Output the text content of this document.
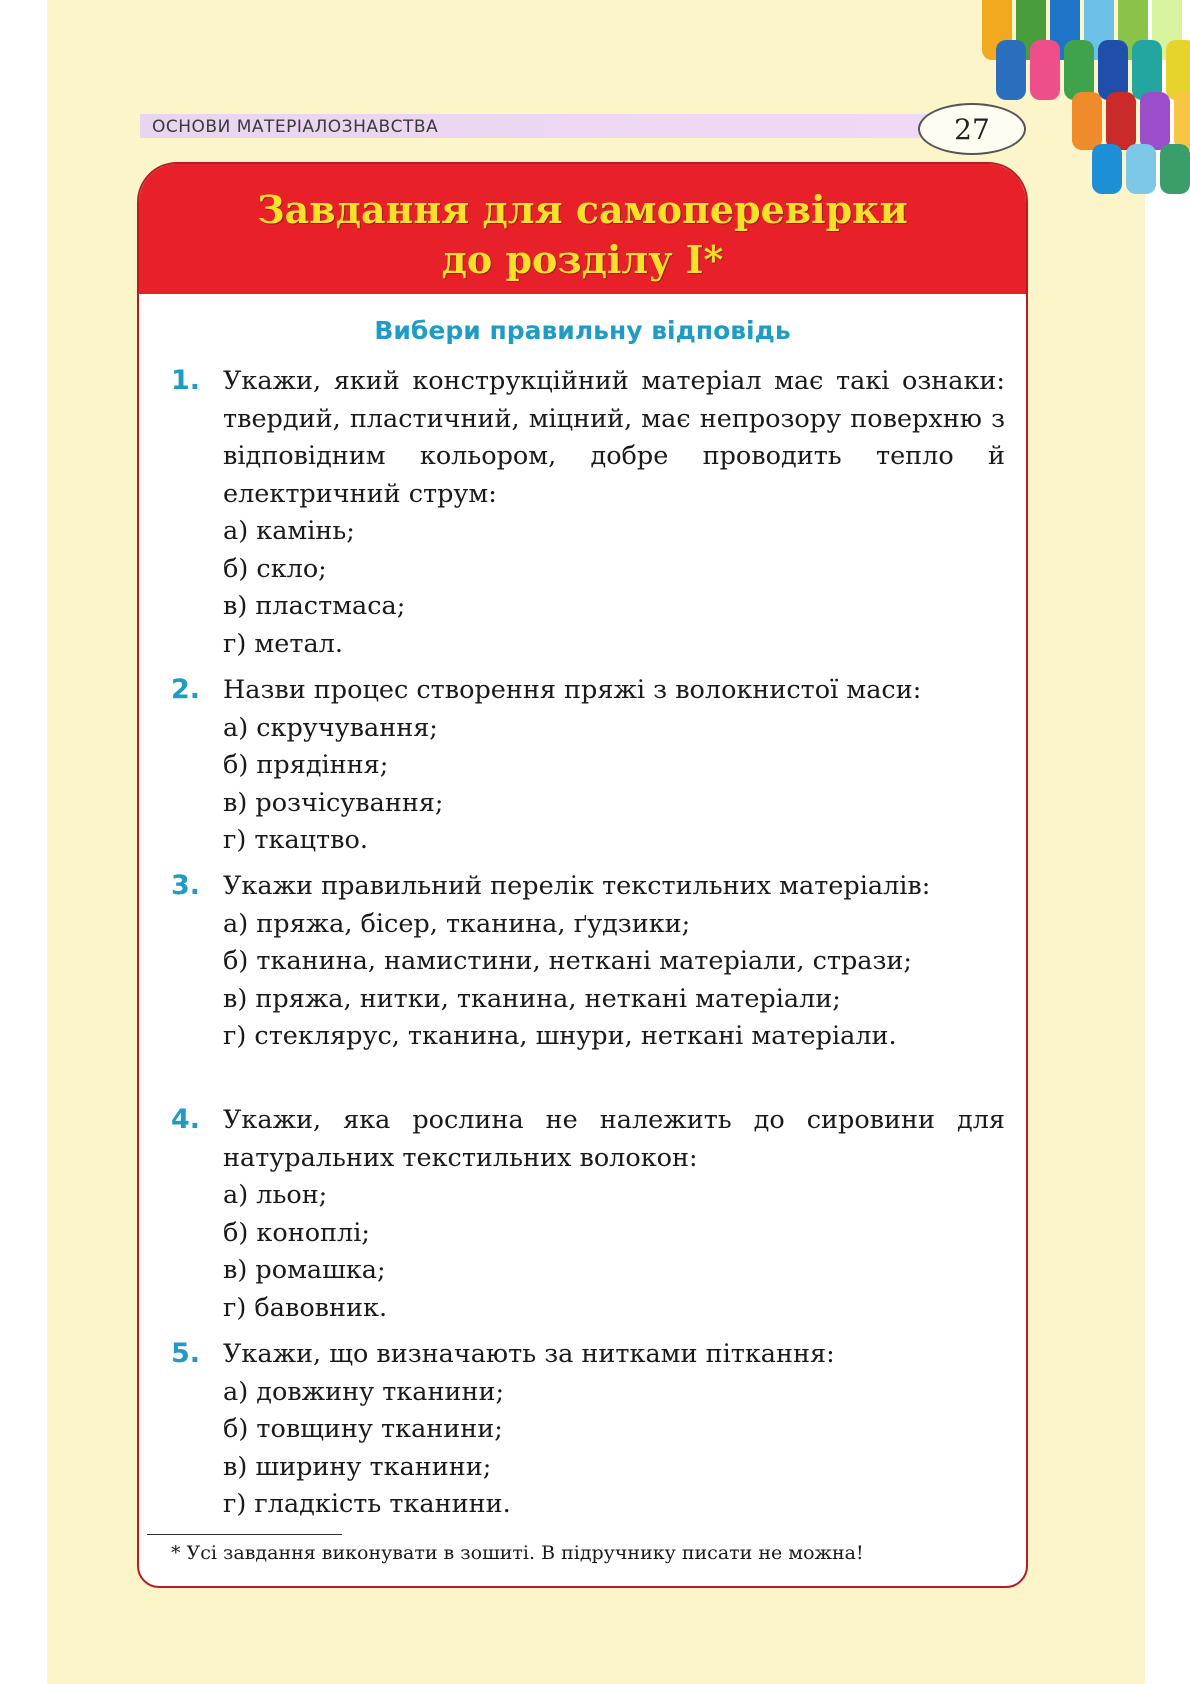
ОСНОВИ МАТЕРІАЛОЗНАВСТВА	27
Завдання для самоперевірки
до розділу І*
Вибери правильну відповідь
1. Укажи, який конструкційний матеріал має такі ознаки: твердий, пластичний, міцний, має непрозору поверхню з відповідним кольором, добре проводить тепло й електричний струм:
а) камінь;
б) скло;
в) пластмаса;
г) метал.
2. Назви процес створення пряжі з волокнистої маси:
а) скручування;
б) прядіння;
в) розчісування;
г) ткацтво.
3. Укажи правильний перелік текстильних матеріалів:
а) пряжа, бісер, тканина, ґудзики;
б) тканина, намистини, неткані матеріали, стрази;
в) пряжа, нитки, тканина, неткані матеріали;
г) стеклярус, тканина, шнури, неткані матеріали.
4. Укажи, яка рослина не належить до сировини для натуральних текстильних волокон:
а) льон;
б) коноплі;
в) ромашка;
г) бавовник.
5. Укажи, що визначають за нитками піткання:
а) довжину тканини;
б) товщину тканини;
в) ширину тканини;
г) гладкість тканини.
* Усі завдання виконувати в зошиті. В підручнику писати не можна!
